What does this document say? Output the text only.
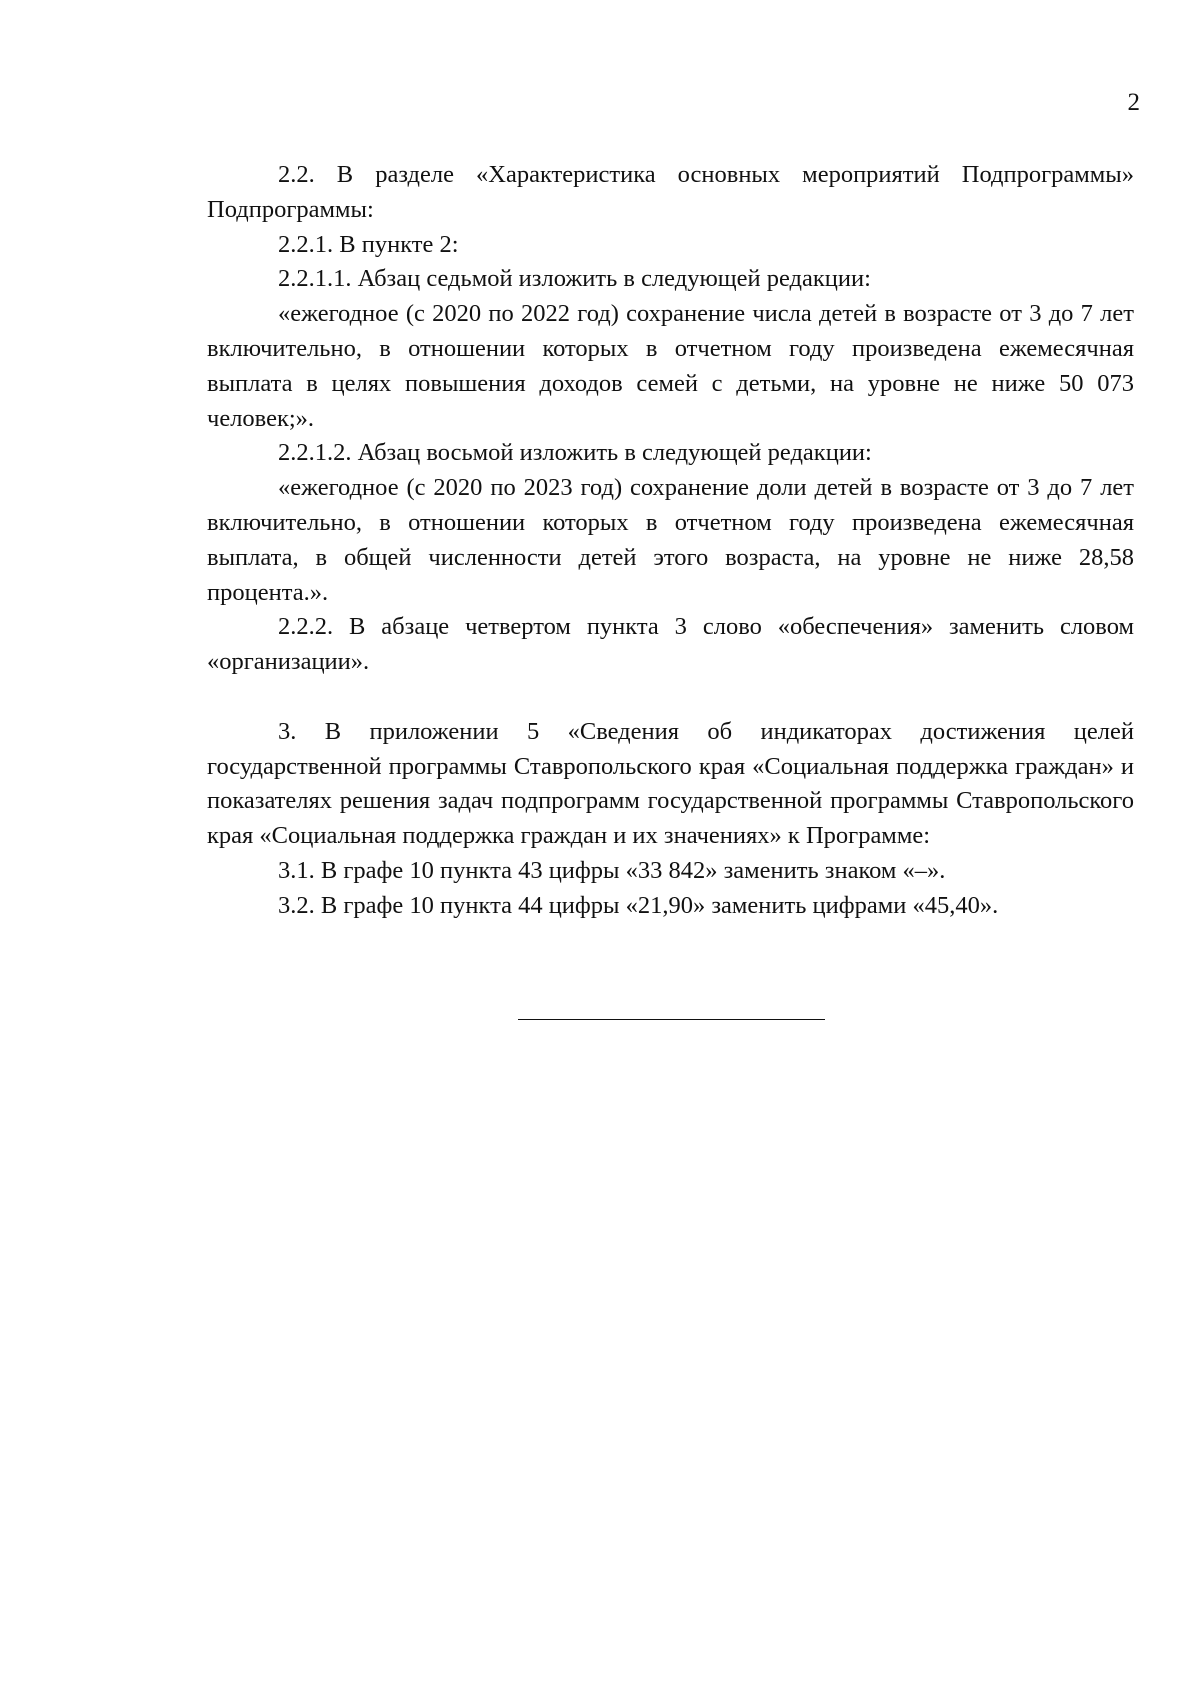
2

2.2. В разделе «Характеристика основных мероприятий Подпрограммы» Подпрограммы:

2.2.1. В пункте 2:

2.2.1.1. Абзац седьмой изложить в следующей редакции:

«ежегодное (с 2020 по 2022 год) сохранение числа детей в возрасте от 3 до 7 лет включительно, в отношении которых в отчетном году произведена ежемесячная выплата в целях повышения доходов семей с детьми, на уровне не ниже 50 073 человек;».

2.2.1.2. Абзац восьмой изложить в следующей редакции:

«ежегодное (с 2020 по 2023 год) сохранение доли детей в возрасте от 3 до 7 лет включительно, в отношении которых в отчетном году произведена ежемесячная выплата, в общей численности детей этого возраста, на уровне не ниже 28,58 процента.».

2.2.2. В абзаце четвертом пункта 3 слово «обеспечения» заменить словом «организации».

3. В приложении 5 «Сведения об индикаторах достижения целей государственной программы Ставропольского края «Социальная поддержка граждан» и показателях решения задач подпрограмм государственной программы Ставропольского края «Социальная поддержка граждан и их значениях» к Программе:

3.1. В графе 10 пункта 43 цифры «33 842» заменить знаком «–».

3.2. В графе 10 пункта 44 цифры «21,90» заменить цифрами «45,40».
